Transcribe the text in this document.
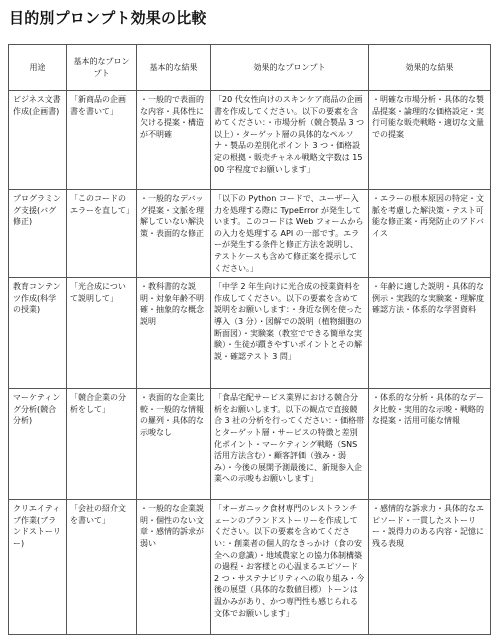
目的別プロンプト効果の比較
用途	基本的なプロンプト	基本的な結果	効果的なプロンプト	効果的な結果
ビジネス文書作成(企画書)	「新商品の企画書を書いて」	・一般的で表面的な内容・具体性に欠ける提案・構造が不明確	「20 代女性向けのスキンケア商品の企画書を作成してください。以下の要素を含めてください：・市場分析（競合製品 3 つ以上）・ターゲット層の具体的なペルソナ・製品の差別化ポイント 3 つ・価格設定の根拠・販売チャネル戦略文字数は 1500 字程度でお願いします」	・明確な市場分析・具体的な製品提案・論理的な価格設定・実行可能な販売戦略・適切な文量での提案
プログラミング支援(バグ修正)	「このコードのエラーを直して」	・一般的なデバッグ提案・文脈を理解していない解決策・表面的な修正	「以下の Python コードで、ユーザー入力を処理する際に TypeError が発生しています。このコードは Web フォームからの入力を処理する API の一部です。エラーが発生する条件と修正方法を説明し、テストケースも含めて修正案を提示してください。」	・エラーの根本原因の特定・文脈を考慮した解決策・テスト可能な修正案・再発防止のアドバイス
教育コンテンツ作成(科学の授業)	「光合成について説明して」	・教科書的な説明・対象年齢不明確・抽象的な概念説明	「中学 2 年生向けに光合成の授業資料を作成してください。以下の要素を含めて説明をお願いします：・身近な例を使った導入（3 分）・図解での説明（植物細胞の断面図）・実験案（教室でできる簡単な実験）・生徒が躓きやすいポイントとその解説・確認テスト 3 問」	・年齢に適した説明・具体的な例示・実践的な実験案・理解度確認方法・体系的な学習資料
マーケティング分析(競合分析)	「競合企業の分析をして」	・表面的な企業比較・一般的な情報の羅列・具体的な示唆なし	「食品宅配サービス業界における競合分析をお願いします。以下の観点で直接競合 3 社の分析を行ってください：・価格帯とターゲット層・サービスの特徴と差別化ポイント・マーケティング戦略（SNS 活用方法含む）・顧客評価（強み・弱み）・今後の展開予測最後に、新規参入企業への示唆もお願いします」	・体系的な分析・具体的なデータ比較・実用的な示唆・戦略的な提案・活用可能な情報
クリエイティブ作業(ブランドストーリー)	「会社の紹介文を書いて」	・一般的な企業説明・個性のない文章・感情的訴求が弱い	「オーガニック食材専門のレストランチェーンのブランドストーリーを作成してください。以下の要素を含めてください：・創業者の個人的なきっかけ（食の安全への意識）・地域農家との協力体制構築の過程・お客様との心温まるエピソード 2 つ・サステナビリティへの取り組み・今後の展望（具体的な数値目標）トーンは温かみがあり、かつ専門性も感じられる文体でお願いします」	・感情的な訴求力・具体的なエピソード・一貫したストーリー・説得力のある内容・記憶に残る表現
